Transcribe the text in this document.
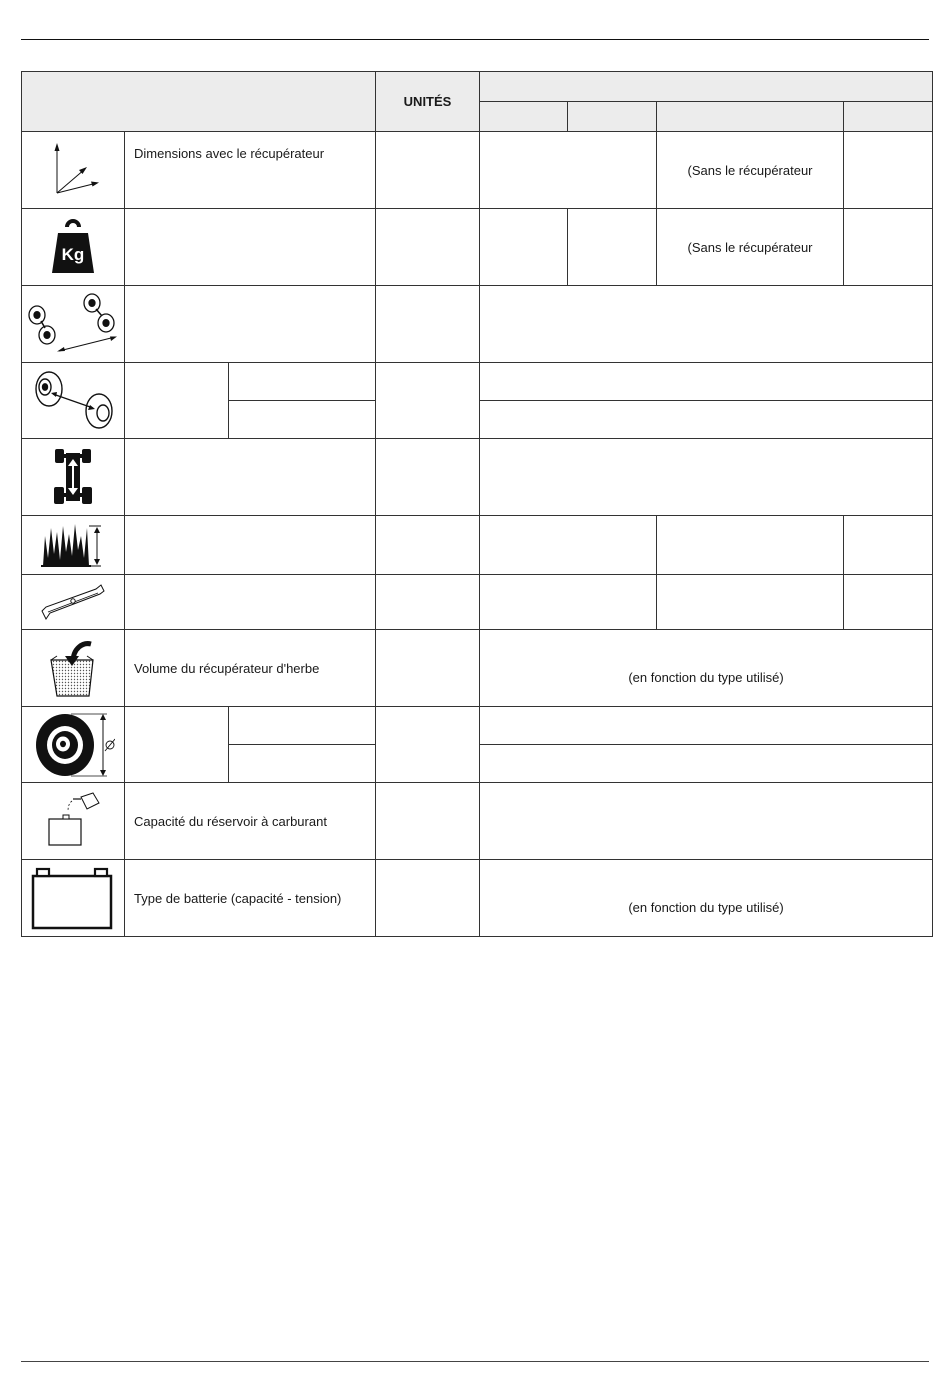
			UNITÉS				

	Dimensions avec le récupérateur					(Sans le récupérateur	

Kg						(Sans le récupérateur	

	Volume du récupérateur d'herbe			(en fonction du type utilisé)			

	Capacité du réservoir à carburant						

	Type de batterie (capacité - tension)			(en fonction du type utilisé)			
